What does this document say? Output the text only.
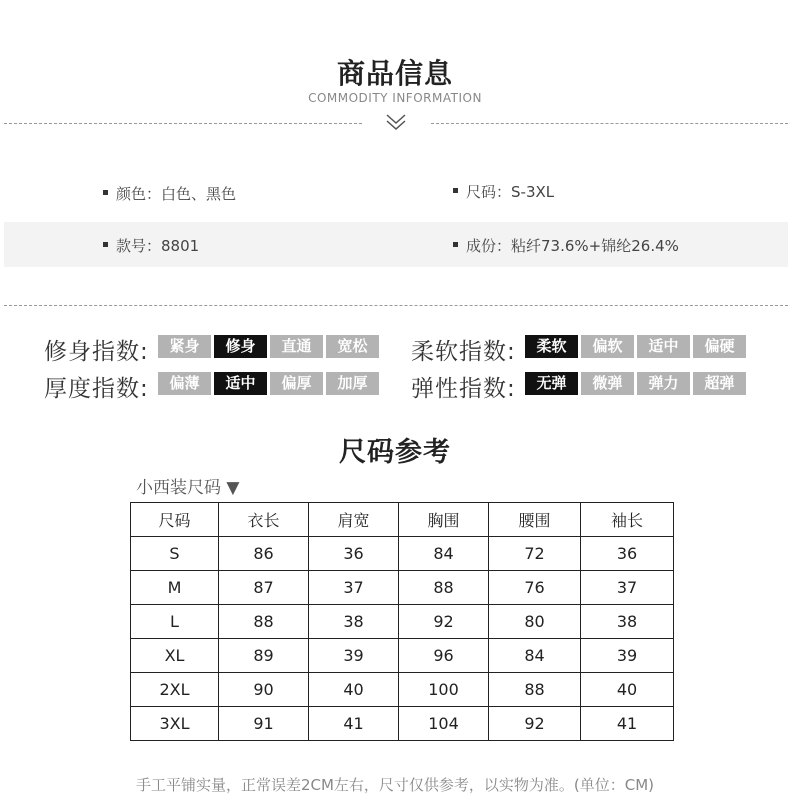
商品信息
COMMODITY INFORMATION
颜色：白色、黑色	尺码：S-3XL
款号：8801	成份：粘纤73.6%+锦纶26.4%
修身指数:	柔软指数:
厚度指数:	弹性指数:
紧身	修身	直通	宽松	柔软	偏软	适中	偏硬
偏薄	适中	偏厚	加厚	无弹	微弹	弹力	超弹
尺码参考
小西装尺码 ▼
尺码	衣长	肩宽	胸围	腰围	袖长
S	86	36	84	72	36
M	87	37	88	76	37
L	88	38	92	80	38
XL	89	39	96	84	39
2XL	90	40	100	88	40
3XL	91	41	104	92	41
手工平铺实量，正常误差2CM左右，尺寸仅供参考，以实物为准。(单位：CM)
